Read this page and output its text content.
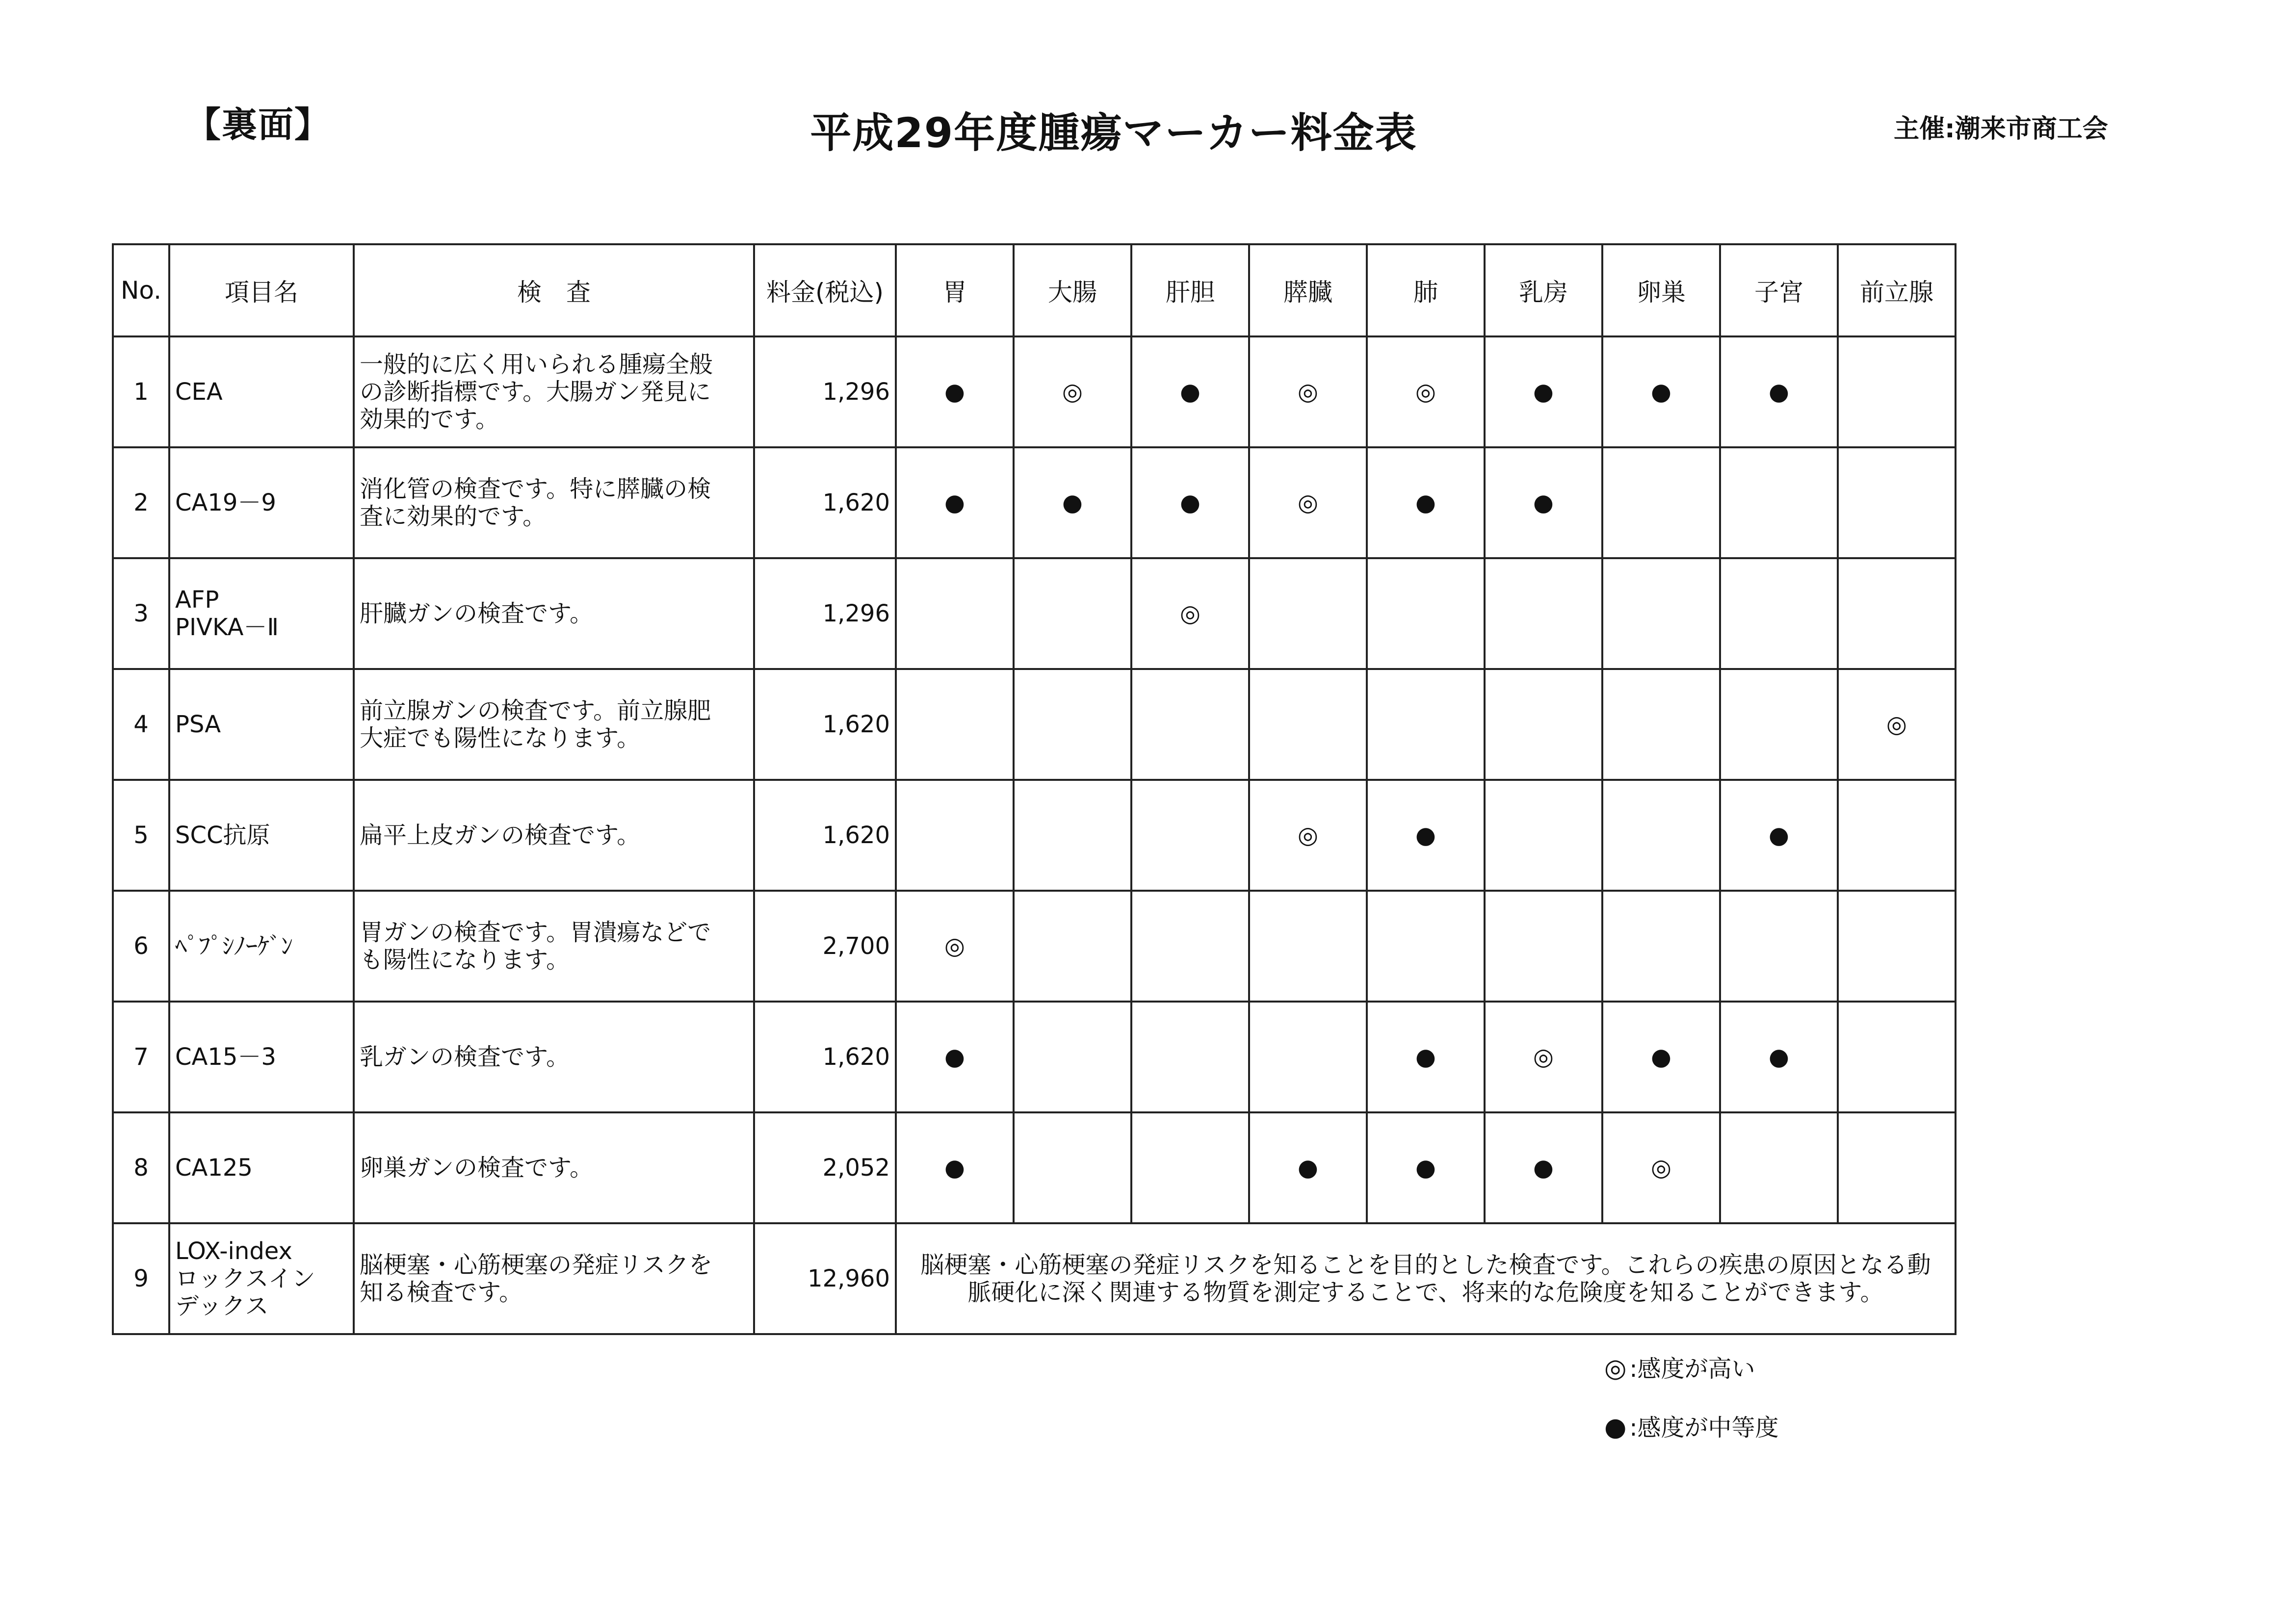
【裏面】	平成29年度腫瘍マーカー料金表	主催:潮来市商工会
No.	項目名	検　査	料金(税込)	胃	大腸	肝胆	膵臓	肺	乳房	卵巣	子宮	前立腺
1	CEA	一般的に広く用いられる腫瘍全般
の診断指標です。大腸ガン発見に
効果的です。	1,296	●	◎	●	◎	◎	●	●	●	
2	CA19－9	消化管の検査です。特に膵臓の検
査に効果的です。	1,620	●	●	●	◎	●	●			
3	AFP
PIVKA－Ⅱ	肝臓ガンの検査です。	1,296			◎						
4	PSA	前立腺ガンの検査です。前立腺肥
大症でも陽性になります。	1,620									◎
5	SCC抗原	扁平上皮ガンの検査です。	1,620				◎	●			●	
6	ﾍﾟﾌﾟｼﾉｰｹﾞﾝ	胃ガンの検査です。胃潰瘍などで
も陽性になります。	2,700	◎								
7	CA15－3	乳ガンの検査です。	1,620	●				●	◎	●	●	
8	CA125	卵巣ガンの検査です。	2,052	●			●	●	●	◎		
9	LOX-index
ロックスイン
デックス	脳梗塞・心筋梗塞の発症リスクを
知る検査です。	12,960	脳梗塞・心筋梗塞の発症リスクを知ることを目的とした検査です。これらの疾患の原因となる動
脈硬化に深く関連する物質を測定することで、将来的な危険度を知ることができます。								
◎ :感度が高い
● :感度が中等度
